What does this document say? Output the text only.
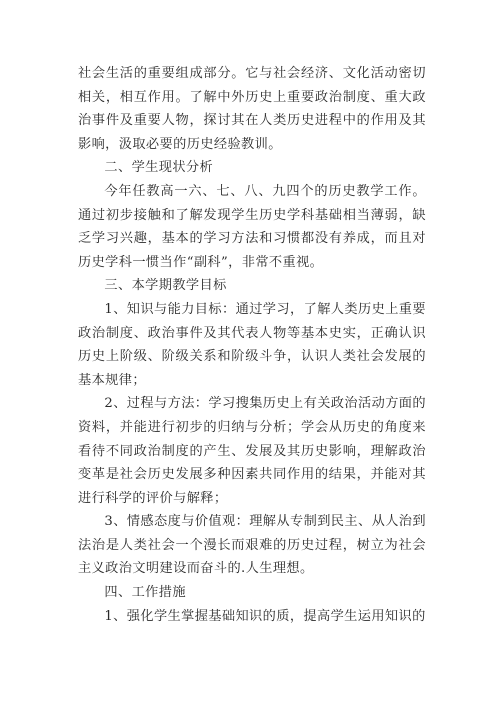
社会生活的重要组成部分。它与社会经济、文化活动密切相关，相互作用。了解中外历史上重要政治制度、重大政治事件及重要人物，探讨其在人类历史进程中的作用及其影响，汲取必要的历史经验教训。

二、学生现状分析

今年任教高一六、七、八、九四个的历史教学工作。通过初步接触和了解发现学生历史学科基础相当薄弱，缺乏学习兴趣，基本的学习方法和习惯都没有养成，而且对历史学科一惯当作“副科”，非常不重视。

三、本学期教学目标

1、知识与能力目标：通过学习，了解人类历史上重要政治制度、政治事件及其代表人物等基本史实，正确认识历史上阶级、阶级关系和阶级斗争，认识人类社会发展的基本规律；

2、过程与方法：学习搜集历史上有关政治活动方面的资料，并能进行初步的归纳与分析；学会从历史的角度来看待不同政治制度的产生、发展及其历史影响，理解政治变革是社会历史发展多种因素共同作用的结果，并能对其进行科学的评价与解释；

3、情感态度与价值观：理解从专制到民主、从人治到法治是人类社会一个漫长而艰难的历史过程，树立为社会主义政治文明建设而奋斗的.人生理想。

四、工作措施

1、强化学生掌握基础知识的质，提高学生运用知识的
